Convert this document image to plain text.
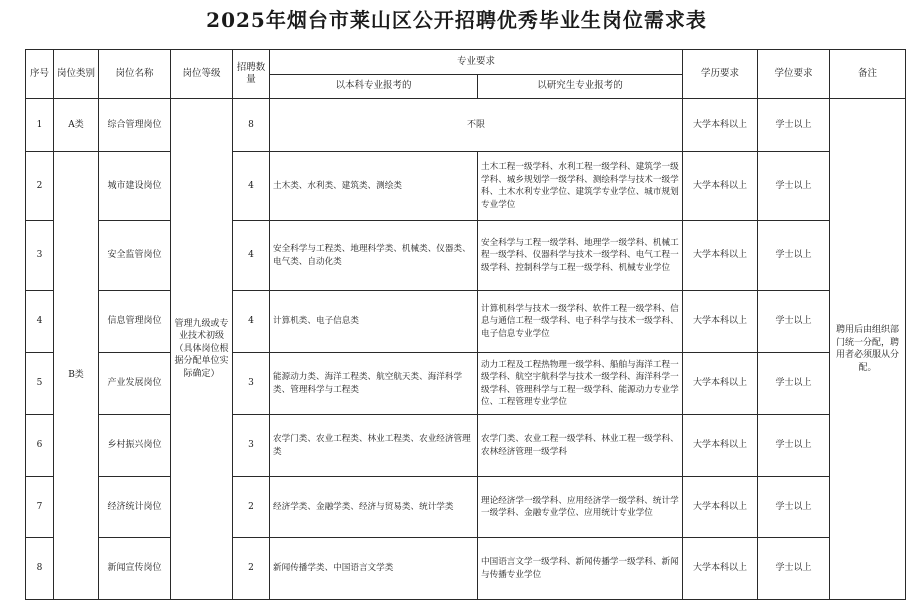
2025年烟台市莱山区公开招聘优秀毕业生岗位需求表
序号	岗位类别	岗位名称	岗位等级	招聘数量	专业要求		学历要求	学位要求	备注
					以本科专业报考的	以研究生专业报考的			
1	A类	综合管理岗位	管理九级或专业技术初级（具体岗位根据分配单位实际确定）	8	不限		大学本科以上	学士以上	聘用后由组织部门统一分配，聘用者必须服从分配。
2	B类	城市建设岗位		4	土木类、水利类、建筑类、测绘类	土木工程一级学科、水利工程一级学科、建筑学一级学科、城乡规划学一级学科、测绘科学与技术一级学科、土木水利专业学位、建筑学专业学位、城市规划专业学位	大学本科以上	学士以上	
3		安全监管岗位		4	安全科学与工程类、地理科学类、机械类、仪器类、电气类、自动化类	安全科学与工程一级学科、地理学一级学科、机械工程一级学科、仪器科学与技术一级学科、电气工程一级学科、控制科学与工程一级学科、机械专业学位	大学本科以上	学士以上	
4		信息管理岗位		4	计算机类、电子信息类	计算机科学与技术一级学科、软件工程一级学科、信息与通信工程一级学科、电子科学与技术一级学科、电子信息专业学位	大学本科以上	学士以上	
5		产业发展岗位		3	能源动力类、海洋工程类、航空航天类、海洋科学类、管理科学与工程类	动力工程及工程热物理一级学科、船舶与海洋工程一级学科、航空宇航科学与技术一级学科、海洋科学一级学科、管理科学与工程一级学科、能源动力专业学位、工程管理专业学位	大学本科以上	学士以上	
6		乡村振兴岗位		3	农学门类、农业工程类、林业工程类、农业经济管理类	农学门类、农业工程一级学科、林业工程一级学科、农林经济管理一级学科	大学本科以上	学士以上	
7		经济统计岗位		2	经济学类、金融学类、经济与贸易类、统计学类	理论经济学一级学科、应用经济学一级学科、统计学一级学科、金融专业学位、应用统计专业学位	大学本科以上	学士以上	
8		新闻宣传岗位		2	新闻传播学类、中国语言文学类	中国语言文学一级学科、新闻传播学一级学科、新闻与传播专业学位	大学本科以上	学士以上	
